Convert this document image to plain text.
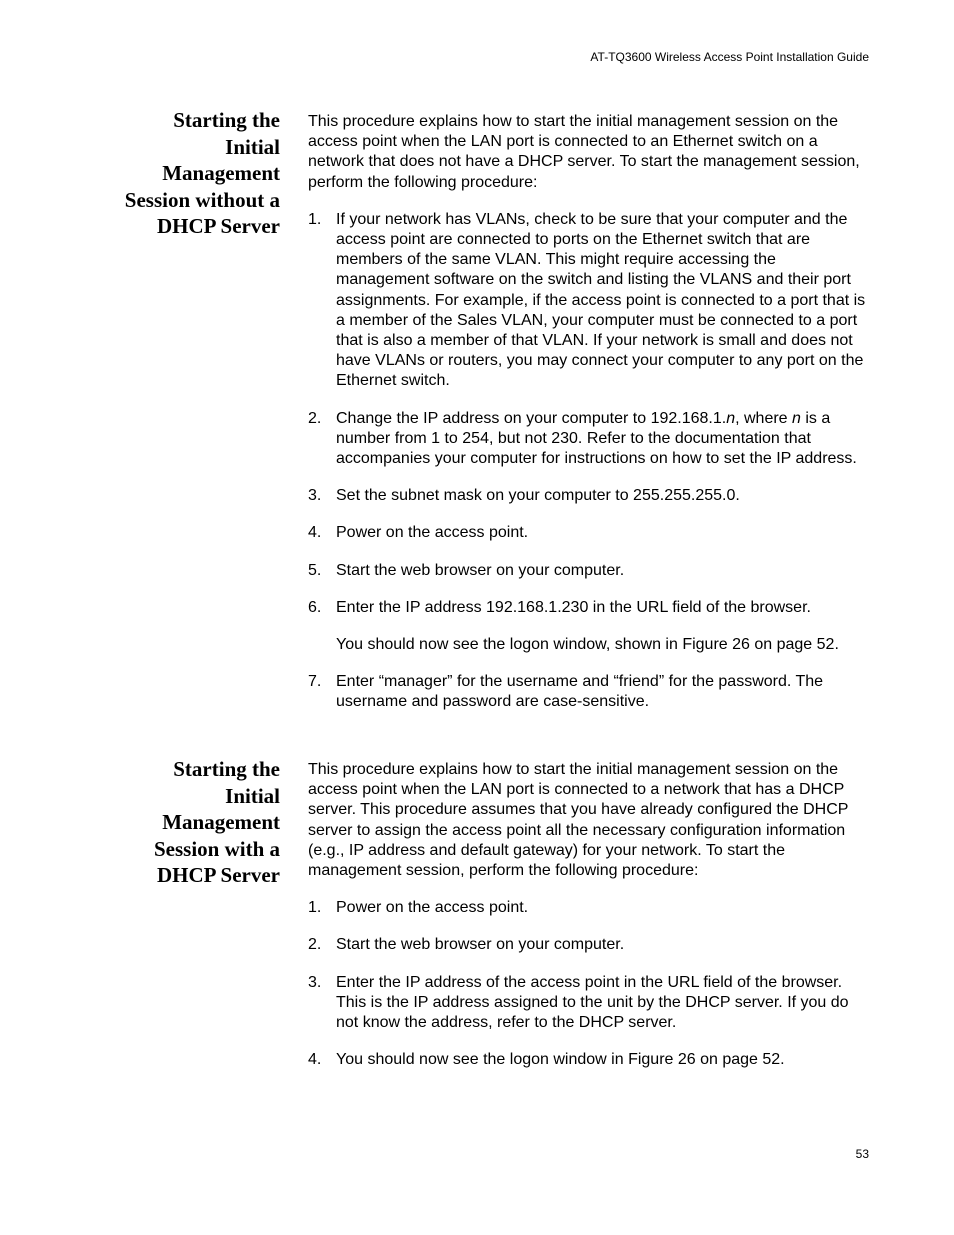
AT-TQ3600 Wireless Access Point Installation Guide
Starting the
Initial
Management
Session without a
DHCP Server

This procedure explains how to start the initial management session on the access point when the LAN port is connected to an Ethernet switch on a network that does not have a DHCP server. To start the management session, perform the following procedure:

1. If your network has VLANs, check to be sure that your computer and the access point are connected to ports on the Ethernet switch that are members of the same VLAN. This might require accessing the management software on the switch and listing the VLANS and their port assignments. For example, if the access point is connected to a port that is a member of the Sales VLAN, your computer must be connected to a port that is also a member of that VLAN. If your network is small and does not have VLANs or routers, you may connect your computer to any port on the Ethernet switch.
2. Change the IP address on your computer to 192.168.1.n, where n is a number from 1 to 254, but not 230. Refer to the documentation that accompanies your computer for instructions on how to set the IP address.
3. Set the subnet mask on your computer to 255.255.255.0.
4. Power on the access point.
5. Start the web browser on your computer.
6. Enter the IP address 192.168.1.230 in the URL field of the browser.
You should now see the logon window, shown in Figure 26 on page 52.
7. Enter “manager” for the username and “friend” for the password. The username and password are case-sensitive.
Starting the
Initial
Management
Session with a
DHCP Server

This procedure explains how to start the initial management session on the access point when the LAN port is connected to a network that has a DHCP server. This procedure assumes that you have already configured the DHCP server to assign the access point all the necessary configuration information (e.g., IP address and default gateway) for your network. To start the management session, perform the following procedure:

1. Power on the access point.
2. Start the web browser on your computer.
3. Enter the IP address of the access point in the URL field of the browser. This is the IP address assigned to the unit by the DHCP server. If you do not know the address, refer to the DHCP server.
4. You should now see the logon window in Figure 26 on page 52.
53
